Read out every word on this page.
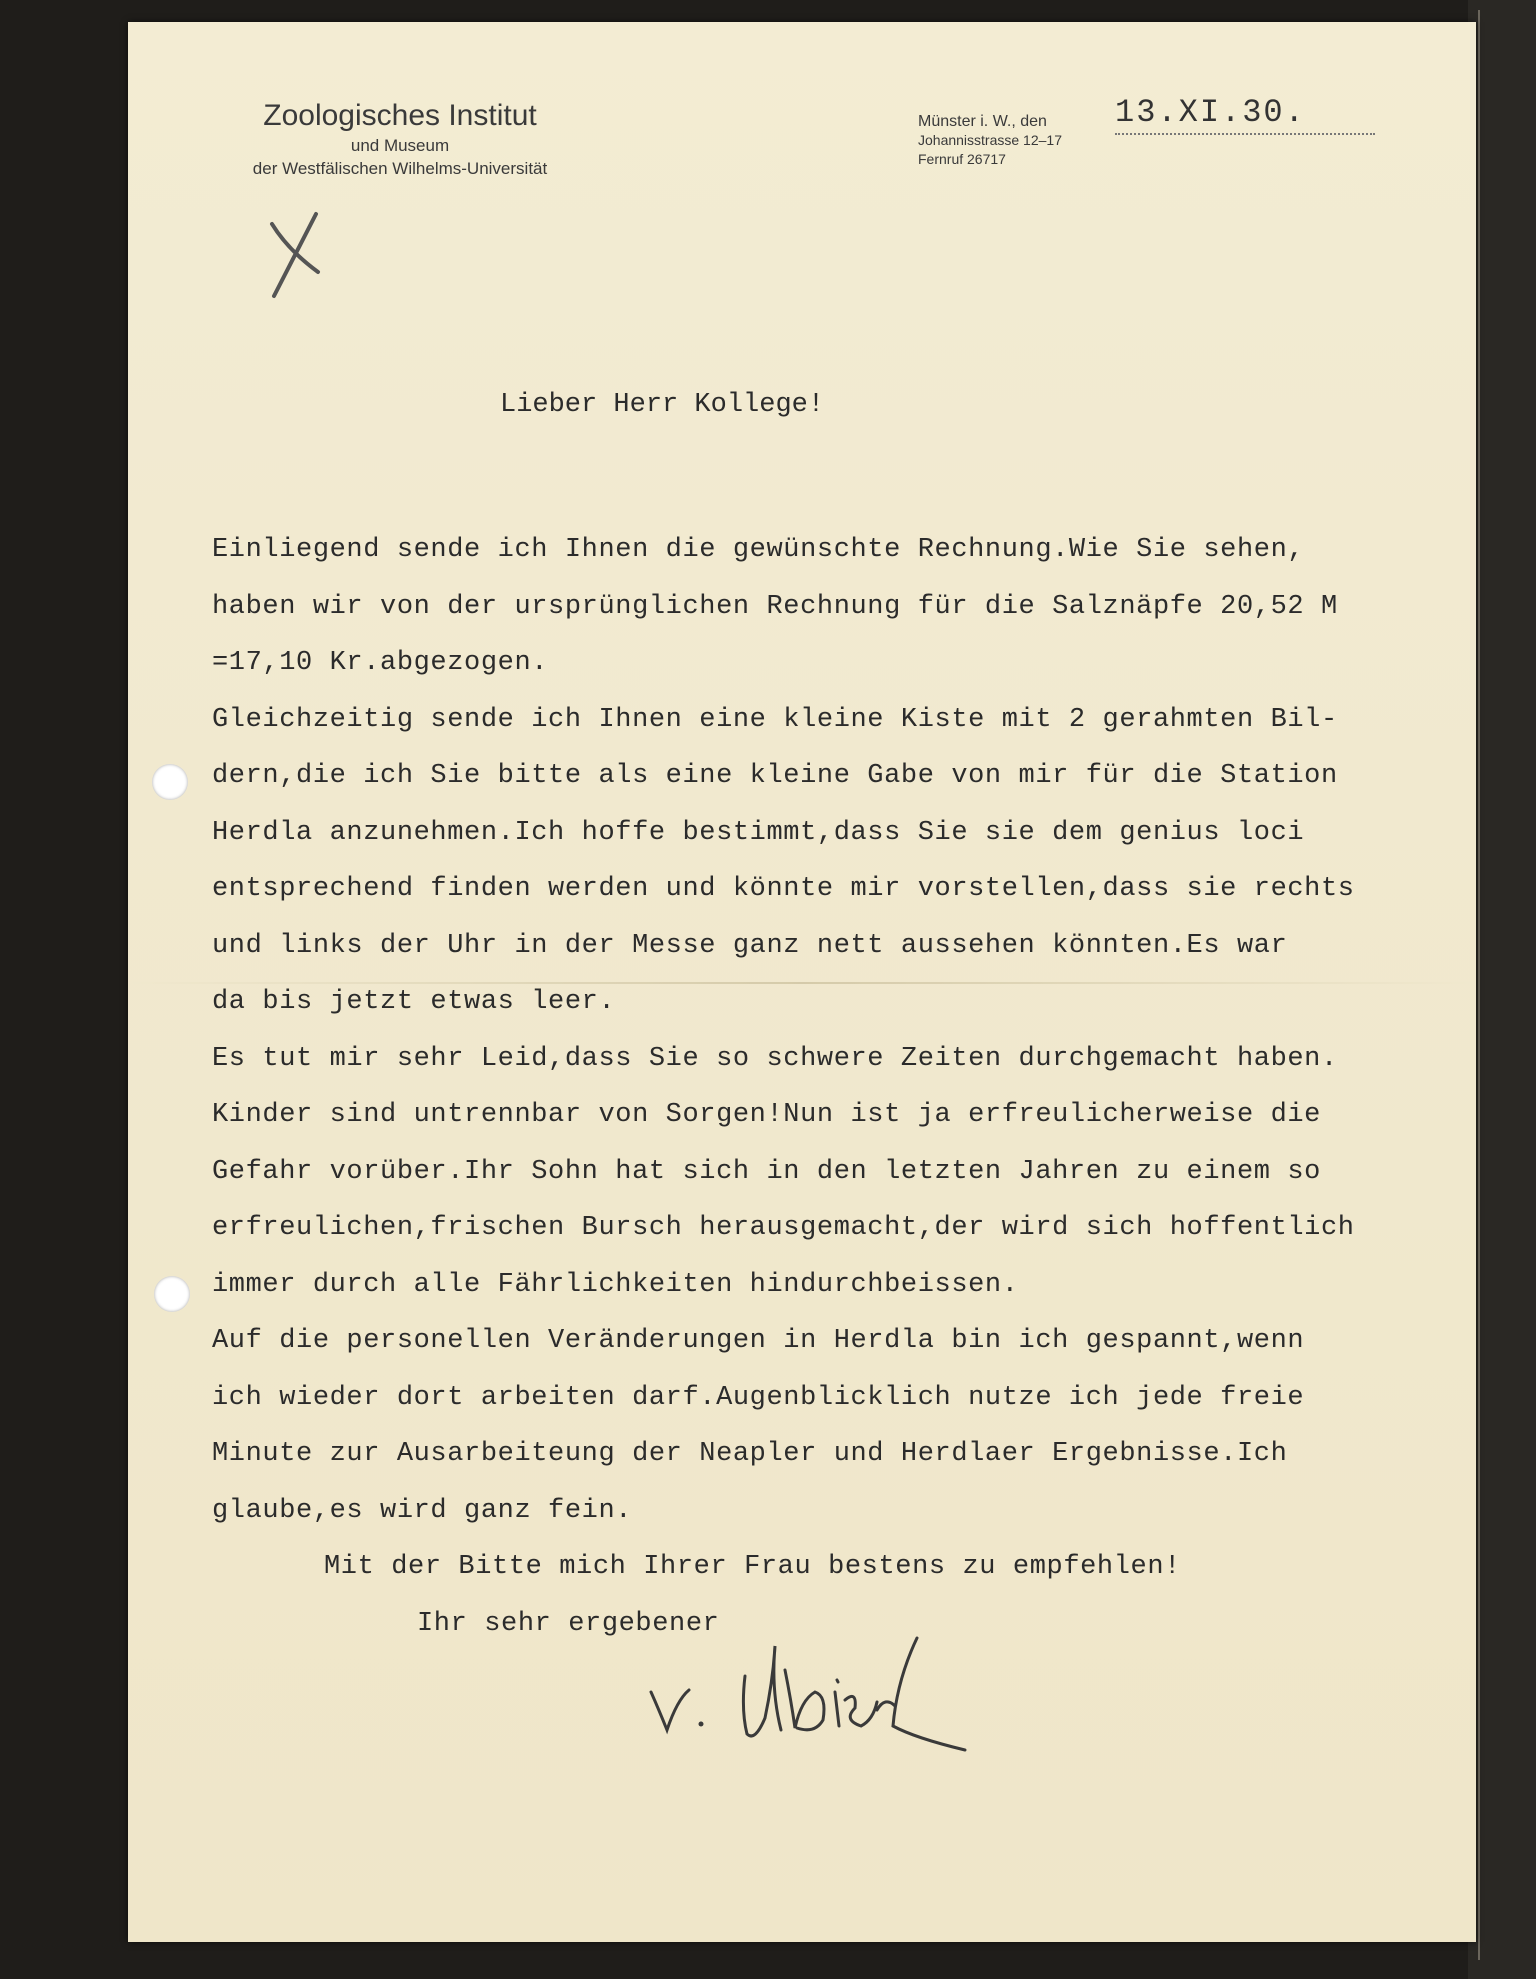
Zoologisches Institut
und Museum
der Westfälischen Wilhelms-Universität
Münster i. W., den
Johannisstrasse 12–17
Fernruf 26717
13.XI.30.
Lieber Herr Kollege!
Einliegend sende ich Ihnen die gewünschte Rechnung.Wie Sie sehen,
haben wir von der ursprünglichen Rechnung für die Salznäpfe 20,52 M
=17,10 Kr.abgezogen.
Gleichzeitig sende ich Ihnen eine kleine Kiste mit 2 gerahmten Bil-
dern,die ich Sie bitte als eine kleine Gabe von mir für die Station
Herdla anzunehmen.Ich hoffe bestimmt,dass Sie sie dem genius loci
entsprechend finden werden und könnte mir vorstellen,dass sie rechts
und links der Uhr in der Messe ganz nett aussehen könnten.Es war
da bis jetzt etwas leer.
Es tut mir sehr Leid,dass Sie so schwere Zeiten durchgemacht haben.
Kinder sind untrennbar von Sorgen!Nun ist ja erfreulicherweise die
Gefahr vorüber.Ihr Sohn hat sich in den letzten Jahren zu einem so
erfreulichen,frischen Bursch herausgemacht,der wird sich hoffentlich
immer durch alle Fährlichkeiten hindurchbeissen.
Auf die personellen Veränderungen in Herdla bin ich gespannt,wenn
ich wieder dort arbeiten darf.Augenblicklich nutze ich jede freie
Minute zur Ausarbeiteung der Neapler und Herdlaer Ergebnisse.Ich
glaube,es wird ganz fein.
Mit der Bitte mich Ihrer Frau bestens zu empfehlen!
Ihr sehr ergebener
